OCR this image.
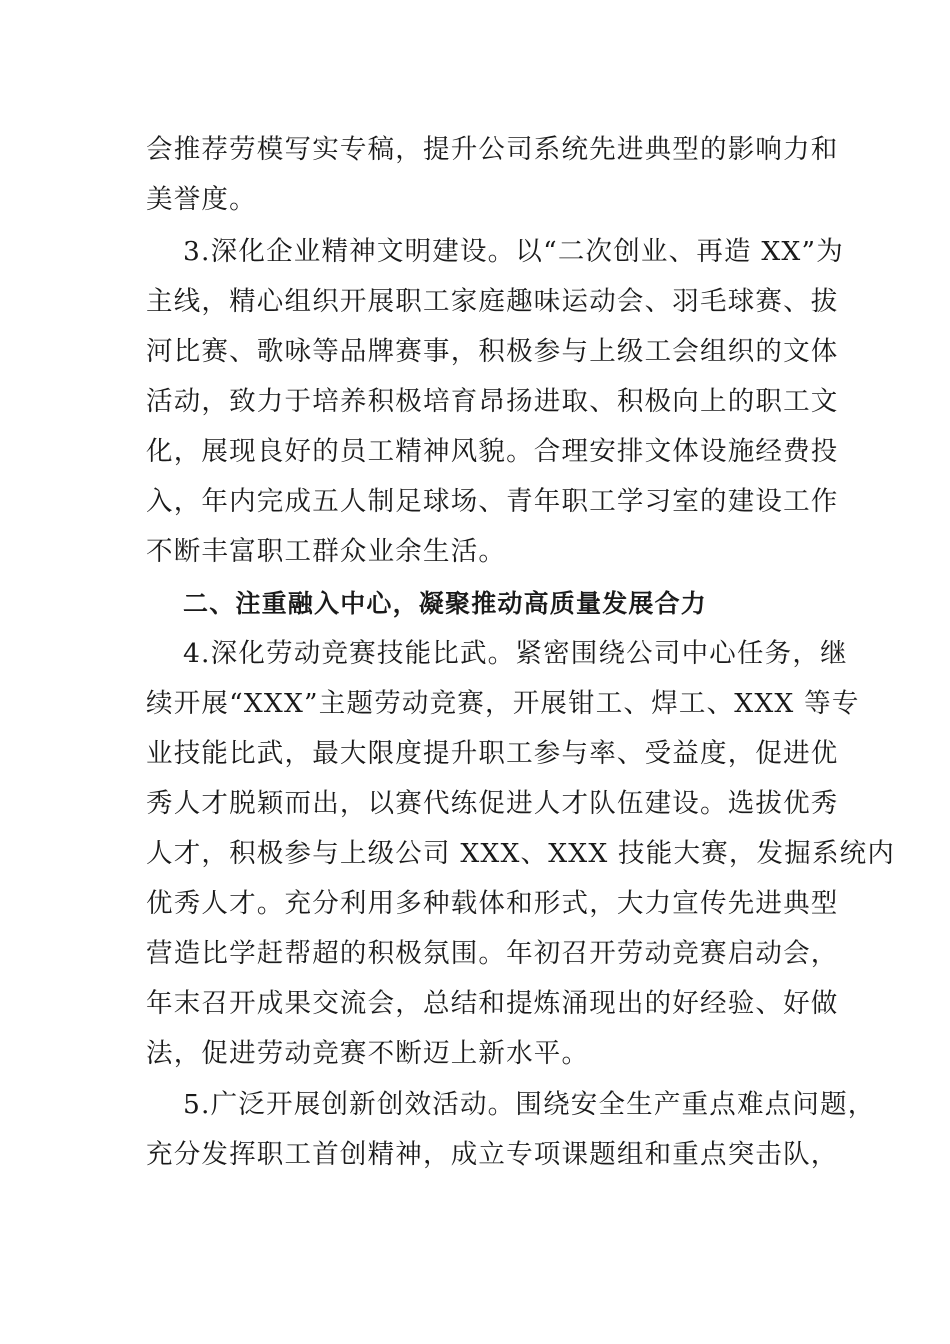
会推荐劳模写实专稿，提升公司系统先进典型的影响力和
美誉度。
3.深化企业精神文明建设。以“二次创业、再造 XX”为
主线，精心组织开展职工家庭趣味运动会、羽毛球赛、拔
河比赛、歌咏等品牌赛事，积极参与上级工会组织的文体
活动，致力于培养积极培育昂扬进取、积极向上的职工文
化，展现良好的员工精神风貌。合理安排文体设施经费投
入，年内完成五人制足球场、青年职工学习室的建设工作
不断丰富职工群众业余生活。
二、注重融入中心，凝聚推动高质量发展合力
4.深化劳动竞赛技能比武。紧密围绕公司中心任务，继
续开展“XXX”主题劳动竞赛，开展钳工、焊工、XXX 等专
业技能比武，最大限度提升职工参与率、受益度，促进优
秀人才脱颖而出，以赛代练促进人才队伍建设。选拔优秀
人才，积极参与上级公司 XXX、XXX 技能大赛，发掘系统内
优秀人才。充分利用多种载体和形式，大力宣传先进典型
营造比学赶帮超的积极氛围。年初召开劳动竞赛启动会，
年末召开成果交流会，总结和提炼涌现出的好经验、好做
法，促进劳动竞赛不断迈上新水平。
5.广泛开展创新创效活动。围绕安全生产重点难点问题，
充分发挥职工首创精神，成立专项课题组和重点突击队，
